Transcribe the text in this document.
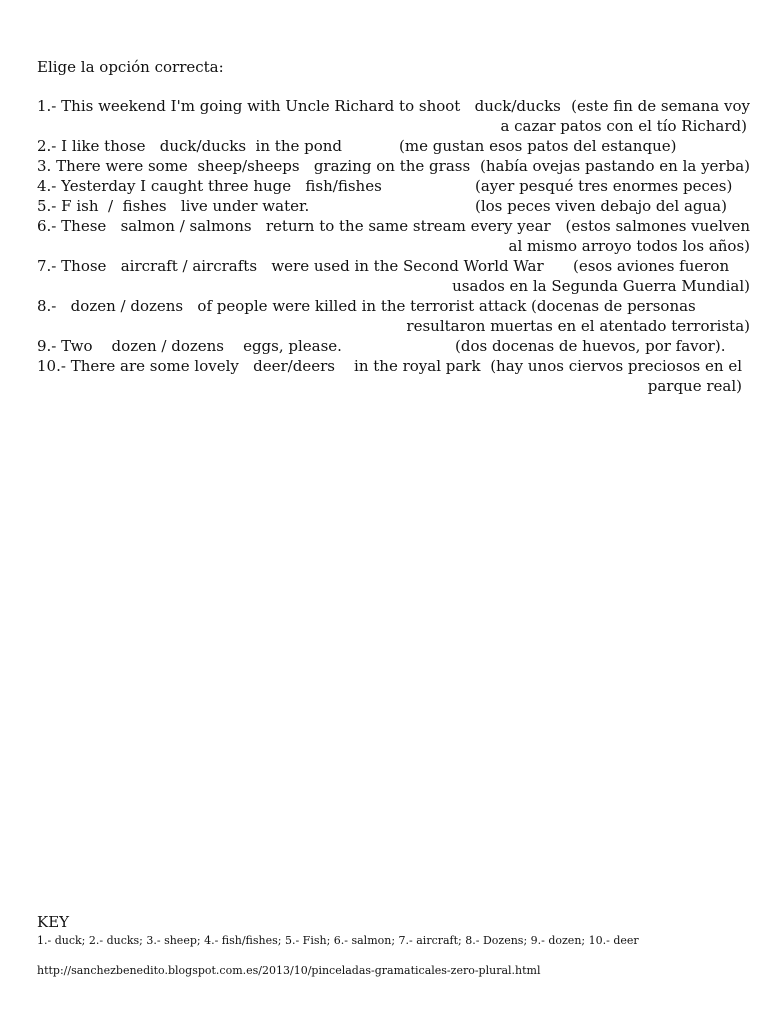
Elige la opción correcta:

1.- This weekend I'm going with Uncle Richard to shoot   duck/ducks

(este fin de semana voy

a cazar patos con el tío Richard)

2.- I like those   duck/ducks  in the pond

	(me gustan esos patos del estanque)

3. There were some  sheep/sheeps   grazing on the grass

(había ovejas pastando en la yerba)

4.- Yesterday I caught three huge   fish/fishes

	(ayer pesqué tres enormes peces)

5.- F ish  /  fishes   live under water.

	(los peces viven debajo del agua)

6.- These   salmon / salmons   return to the same stream every year

(estos salmones vuelven

al mismo arroyo todos los años)

7.- Those   aircraft / aircrafts   were used in the Second World War

(esos aviones fueron

usados en la Segunda Guerra Mundial)

8.-   dozen / dozens   of people were killed in the terrorist attack

(docenas de personas

resultaron muertas en el atentado terrorista)

9.- Two    dozen / dozens    eggs, please.

	(dos docenas de huevos, por favor).

10.- There are some lovely   deer/deers    in the royal park

(hay unos ciervos preciosos en el

parque real)

KEY
1.- duck; 2.- ducks; 3.- sheep; 4.- fish/fishes; 5.- Fish; 6.- salmon; 7.- aircraft; 8.- Dozens; 9.- dozen; 10.- deer
http://sanchezbenedito.blogspot.com.es/2013/10/pinceladas-gramaticales-zero-plural.html
